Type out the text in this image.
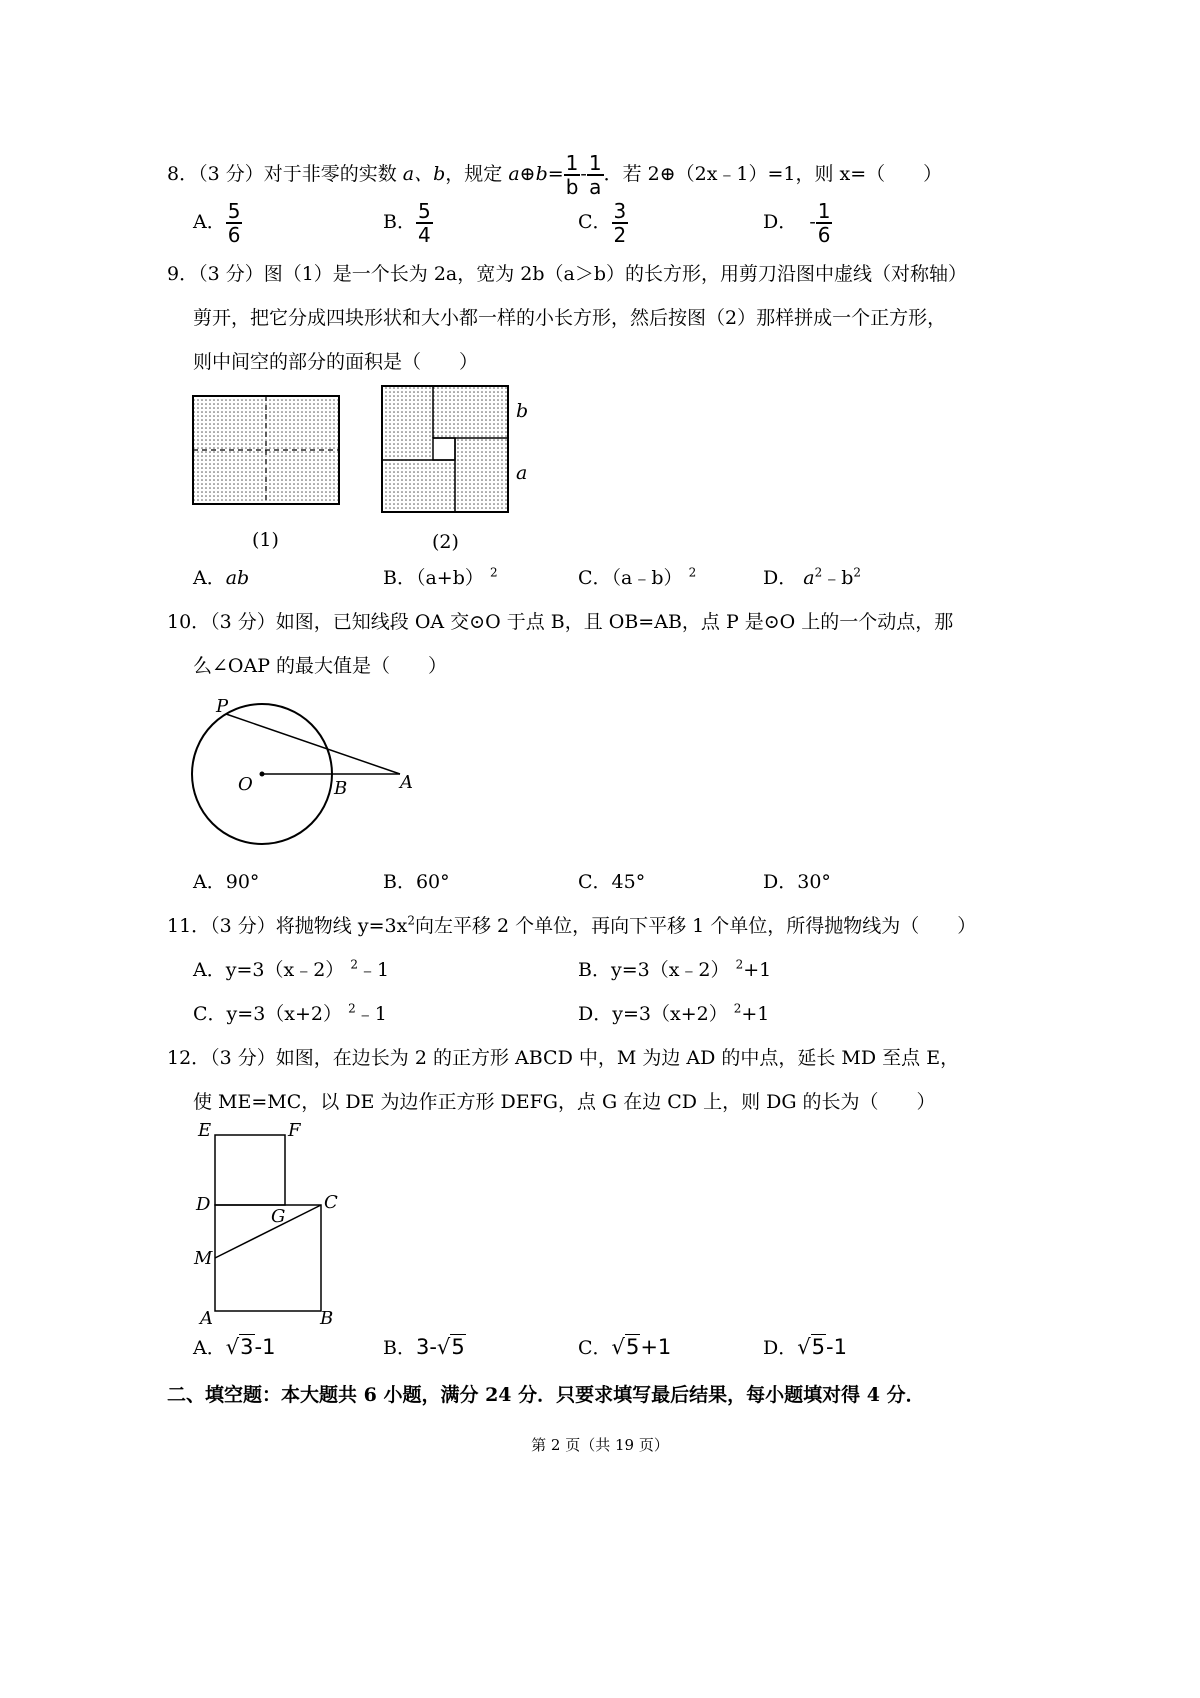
8．（3 分）对于非零的实数 a、b，规定 a⊕b= $\frac{1}{b} - \frac{1}{a}$ ．若 2⊕（2x﹣1）=1，则 x=（　　）
A． $\frac{5}{6}$	B． $\frac{5}{4}$	C． $\frac{3}{2}$	D． - $\frac{1}{6}$
9．（3 分）图（1）是一个长为 2a，宽为 2b（a＞b）的长方形，用剪刀沿图中虚线（对称轴）
剪开，把它分成四块形状和大小都一样的小长方形，然后按图（2）那样拼成一个正方形，
则中间空的部分的面积是（　　）
b
a
(1)	(2)
A．ab	B．（a+b） $^2$	C．（a﹣b） $^2$	D． $a^2﹣b^2$
10．（3 分）如图，已知线段 OA 交⊙O 于点 B，且 OB=AB，点 P 是⊙O 上的一个动点，那
么∠OAP 的最大值是（　　）
P
O	B	A
A．90°	B．60°	C．45°	D．30°
11．（3 分）将抛物线 $y=3x^2$向左平移 2 个单位，再向下平移 1 个单位，所得抛物线为（　　）
A．y=3（x﹣2） $^2$﹣1	B．y=3（x﹣2） $^2$+1
C．y=3（x+2） $^2$﹣1	D．y=3（x+2） $^2$+1
12．（3 分）如图，在边长为 2 的正方形 ABCD 中，M 为边 AD 的中点，延长 MD 至点 E，
使 ME=MC，以 DE 为边作正方形 DEFG，点 G 在边 CD 上，则 DG 的长为（　　）
E	F
D	C
G
M
A	B
A．√3-1	B．3-√5	C．√5+1	D．√5-1
二、填空题：本大题共 6 小题，满分 24 分．只要求填写最后结果，每小题填对得 4 分．
第 2 页（共 19 页）
